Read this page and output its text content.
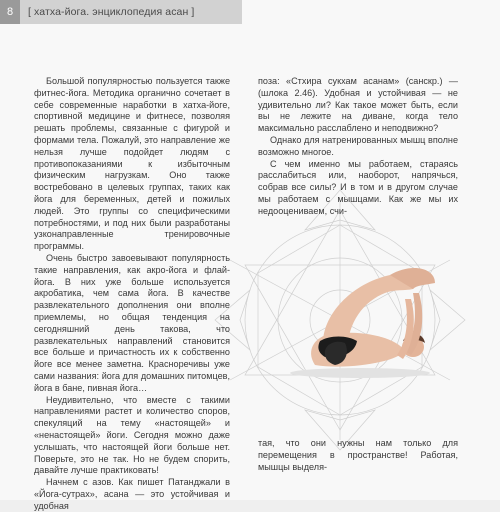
8	[ хатха-йога. энциклопедия асан ]

Большой популярностью пользуется также фитнес-йога. Методика органично сочетает в себе современные наработки в хатха-йоге, спортивной медицине и фитнесе, позволяя решать проблемы, связанные с фигурой и формами тела. Пожалуй, это направление же нельзя лучше подойдет людям с противопоказаниями к избыточным физическим нагрузкам. Оно также востребовано в целевых группах, таких как йога для беременных, детей и пожилых людей. Это группы со специфическими потребностями, и под них были разработаны узконаправленные тренировочные программы.

Очень быстро завоевывают популярность такие направления, как акро-йога и флай-йога. В них уже больше используется акробатика, чем сама йога. В качестве развлекательного дополнения они вполне приемлемы, но общая тенденция на сегодняшний день такова, что развлекательных направлений становится все больше и причастность их к собственно йоге все менее заметна. Красноречивы уже сами названия: йога для домашних питомцев, йога в бане, пивная йога…

Неудивительно, что вместе с такими направлениями растет и количество споров, спекуляций на тему «настоящей» и «ненастоящей» йоги. Сегодня можно даже услышать, что настоящей йоги больше нет. Поверьте, это не так. Но не будем спорить, давайте лучше практиковать!

Начнем с азов. Как пишет Патанджали в «Йога-сутрах», асана — это устойчивая и удобная

поза: «Стхира сукхам асанам» (санскр.) — (шлока 2.46). Удобная и устойчивая — не удивительно ли? Как такое может быть, если вы не лежите на диване, когда тело максимально расслаблено и неподвижно?

Однако для натренированных мышц вполне возможно многое.

С чем именно мы работаем, стараясь расслабиться или, наоборот, напрячься, собрав все силы? И в том и в другом случае мы работаем с мышцами. Как же мы их недооцениваем, счи-

тая, что они нужны нам только для перемещения в пространстве! Работая, мышцы выделя-
